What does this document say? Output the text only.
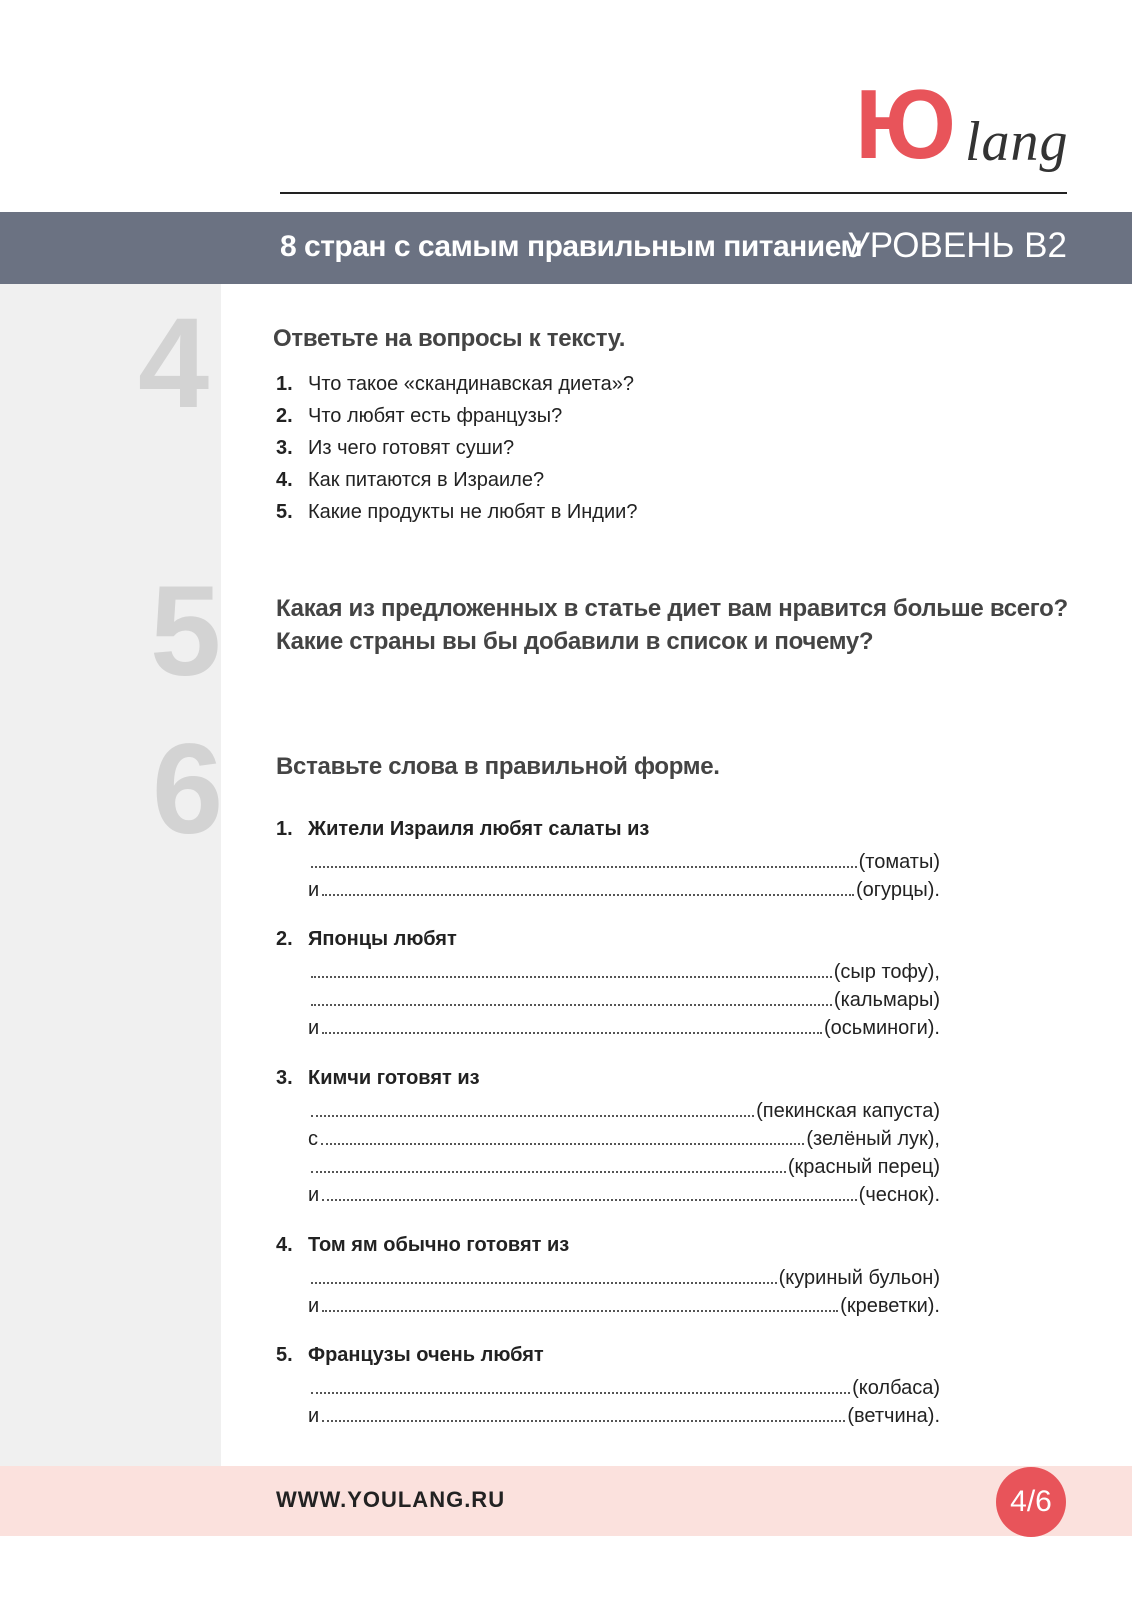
Ю lang
8 стран с самым правильным питанием
УРОВЕНЬ B2
4	Ответьте на вопросы к тексту.
1. Что такое «скандинавская диета»?
2. Что любят есть французы?
3. Из чего готовят суши?
4. Как питаются в Израиле?
5. Какие продукты не любят в Индии?
5 Какая из предложенных в статье диет вам нравится больше всего?
Какие страны вы бы добавили в список и почему?
6 Вставьте слова в правильной форме.
1. Жители Израиля любят салаты из
(томаты)
и	(огурцы).
2. Японцы любят
(сыр тофу),
(кальмары)
и	(осьминоги).
3. Кимчи готовят из
(пекинская капуста)
с	(зелёный лук),
(красный перец)
и	(чеснок).
4. Том ям обычно готовят из
(куриный бульон)
и	(креветки).
5. Французы очень любят
(колбаса)
и	(ветчина).
WWW.YOULANG.RU	4/6
